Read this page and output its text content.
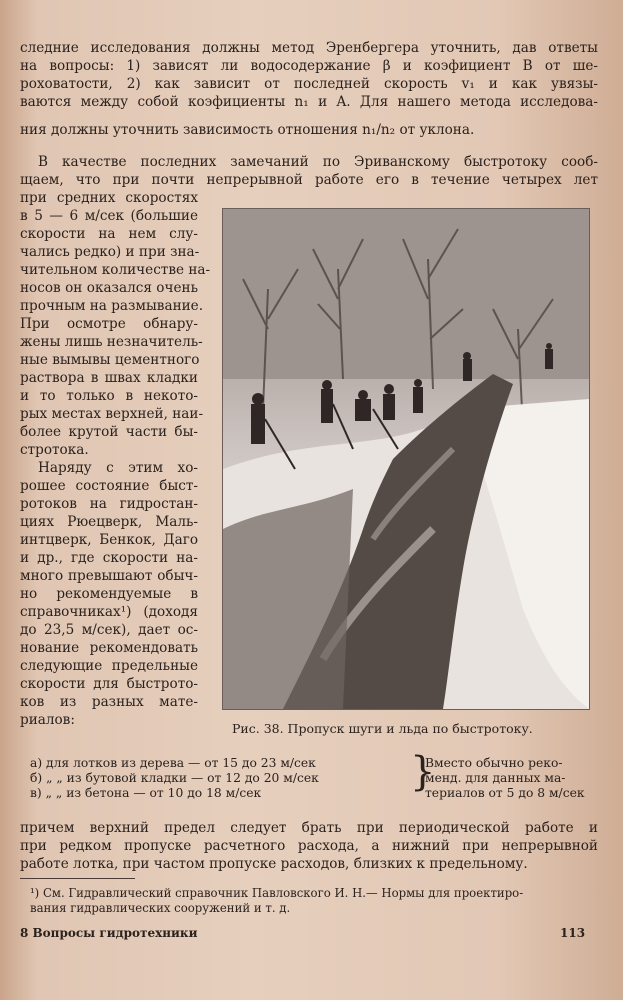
следние исследования должны метод Эренбергера уточнить, дав ответы
на вопросы: 1) зависят ли водосодержание β и коэфициент B от ше-
роховатости, 2) как зависит от последней скорость v₁ и как увязы-
ваются между собой коэфициенты n₁ и A. Для нашего метода исследова-
ния должны уточнить зависимость отношения n₁/n₂ от уклона.
В качестве последних замечаний по Эриванскому быстротоку сооб-
щаем, что при почти непрерывной работе его в течение четырех лет
при средних скоростях
в 5 — 6 м/сек (большие
скорости на нем слу-
чались редко) и при зна-
чительном количестве на-
носов он оказался очень
прочным на размывание.
При осмотре обнару-
жены лишь незначитель-
ные вымывы цементного
раствора в швах кладки
и то только в некото-
рых местах верхней, наи-
более крутой части бы-
стротока.
Наряду с этим хо-
рошее состояние быст-
ротоков на гидростан-
циях Рюецверк, Маль-
интцверк, Бенкок, Даго
и др., где скорости на-
много превышают обыч-
но рекомендуемые в
справочниках¹) (доходя
до 23,5 м/сек), дает ос-
нование рекомендовать
следующие предельные
скорости для быстрото-
ков из разных мате-
риалов:
Рис. 38. Пропуск шуги и льда по быстротоку.
а) для лотков из дерева — от 15 до 23 м/сек
б) „ „ из бутовой кладки — от 12 до 20 м/сек
в) „ „ из бетона — от 10 до 18 м/сек	}
Вместо обычно реко-
менд. для данных ма-
териалов от 5 до 8 м/сек
причем верхний предел следует брать при периодической работе и
при редком пропуске расчетного расхода, а нижний при непрерывной
работе лотка, при частом пропуске расходов, близких к предельному.
¹) См. Гидравлический справочник Павловского И. Н.— Нормы для проектиро-
вания гидравлических сооружений и т. д.
8 Вопросы гидротехники	113
